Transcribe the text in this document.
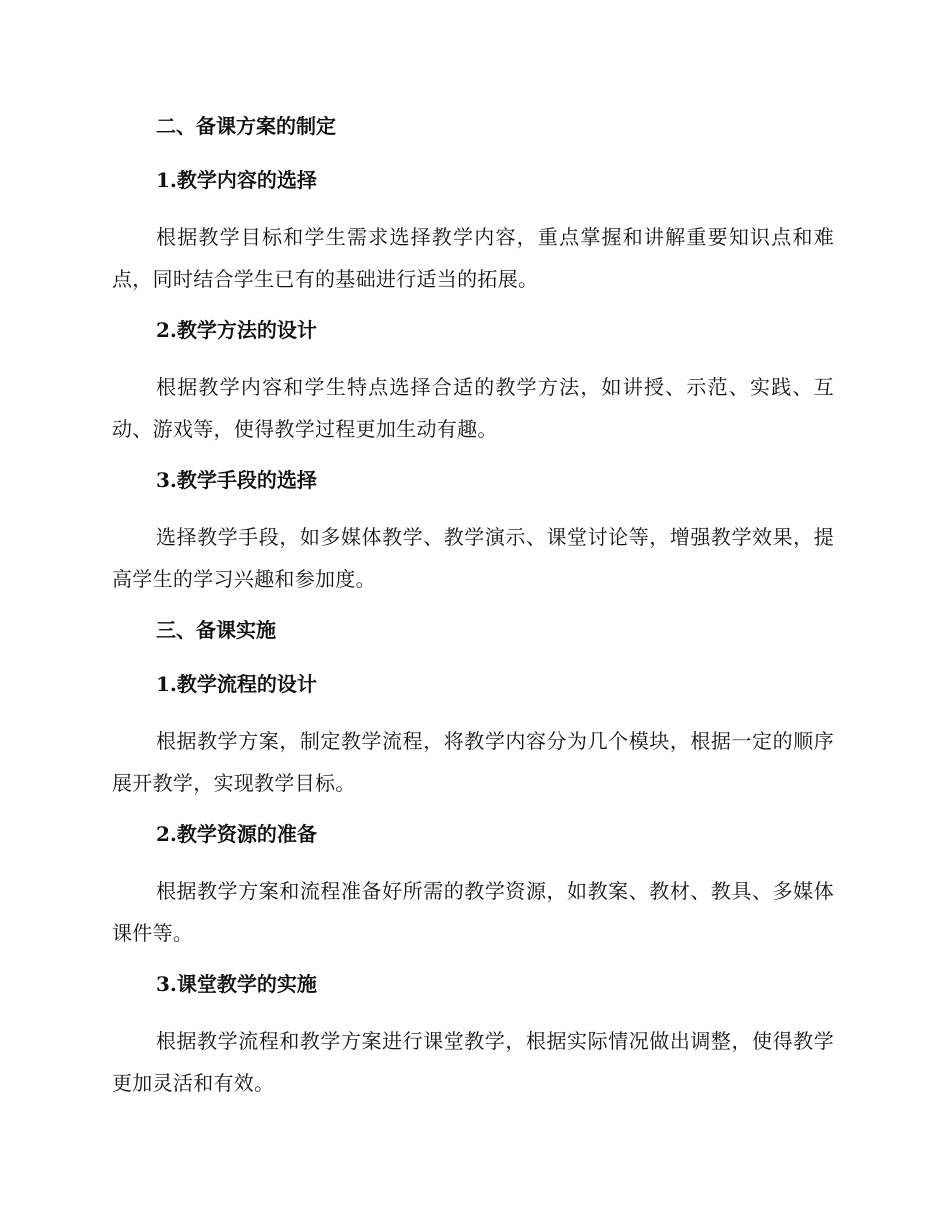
二、备课方案的制定
1.教学内容的选择

根据教学目标和学生需求选择教学内容，重点掌握和讲解重要知识点和难点，同时结合学生已有的基础进行适当的拓展。

2.教学方法的设计

根据教学内容和学生特点选择合适的教学方法，如讲授、示范、实践、互动、游戏等，使得教学过程更加生动有趣。

3.教学手段的选择

选择教学手段，如多媒体教学、教学演示、课堂讨论等，增强教学效果，提高学生的学习兴趣和参加度。

三、备课实施
1.教学流程的设计

根据教学方案，制定教学流程，将教学内容分为几个模块，根据一定的顺序展开教学，实现教学目标。

2.教学资源的准备

根据教学方案和流程准备好所需的教学资源，如教案、教材、教具、多媒体课件等。

3.课堂教学的实施

根据教学流程和教学方案进行课堂教学，根据实际情况做出调整，使得教学更加灵活和有效。
